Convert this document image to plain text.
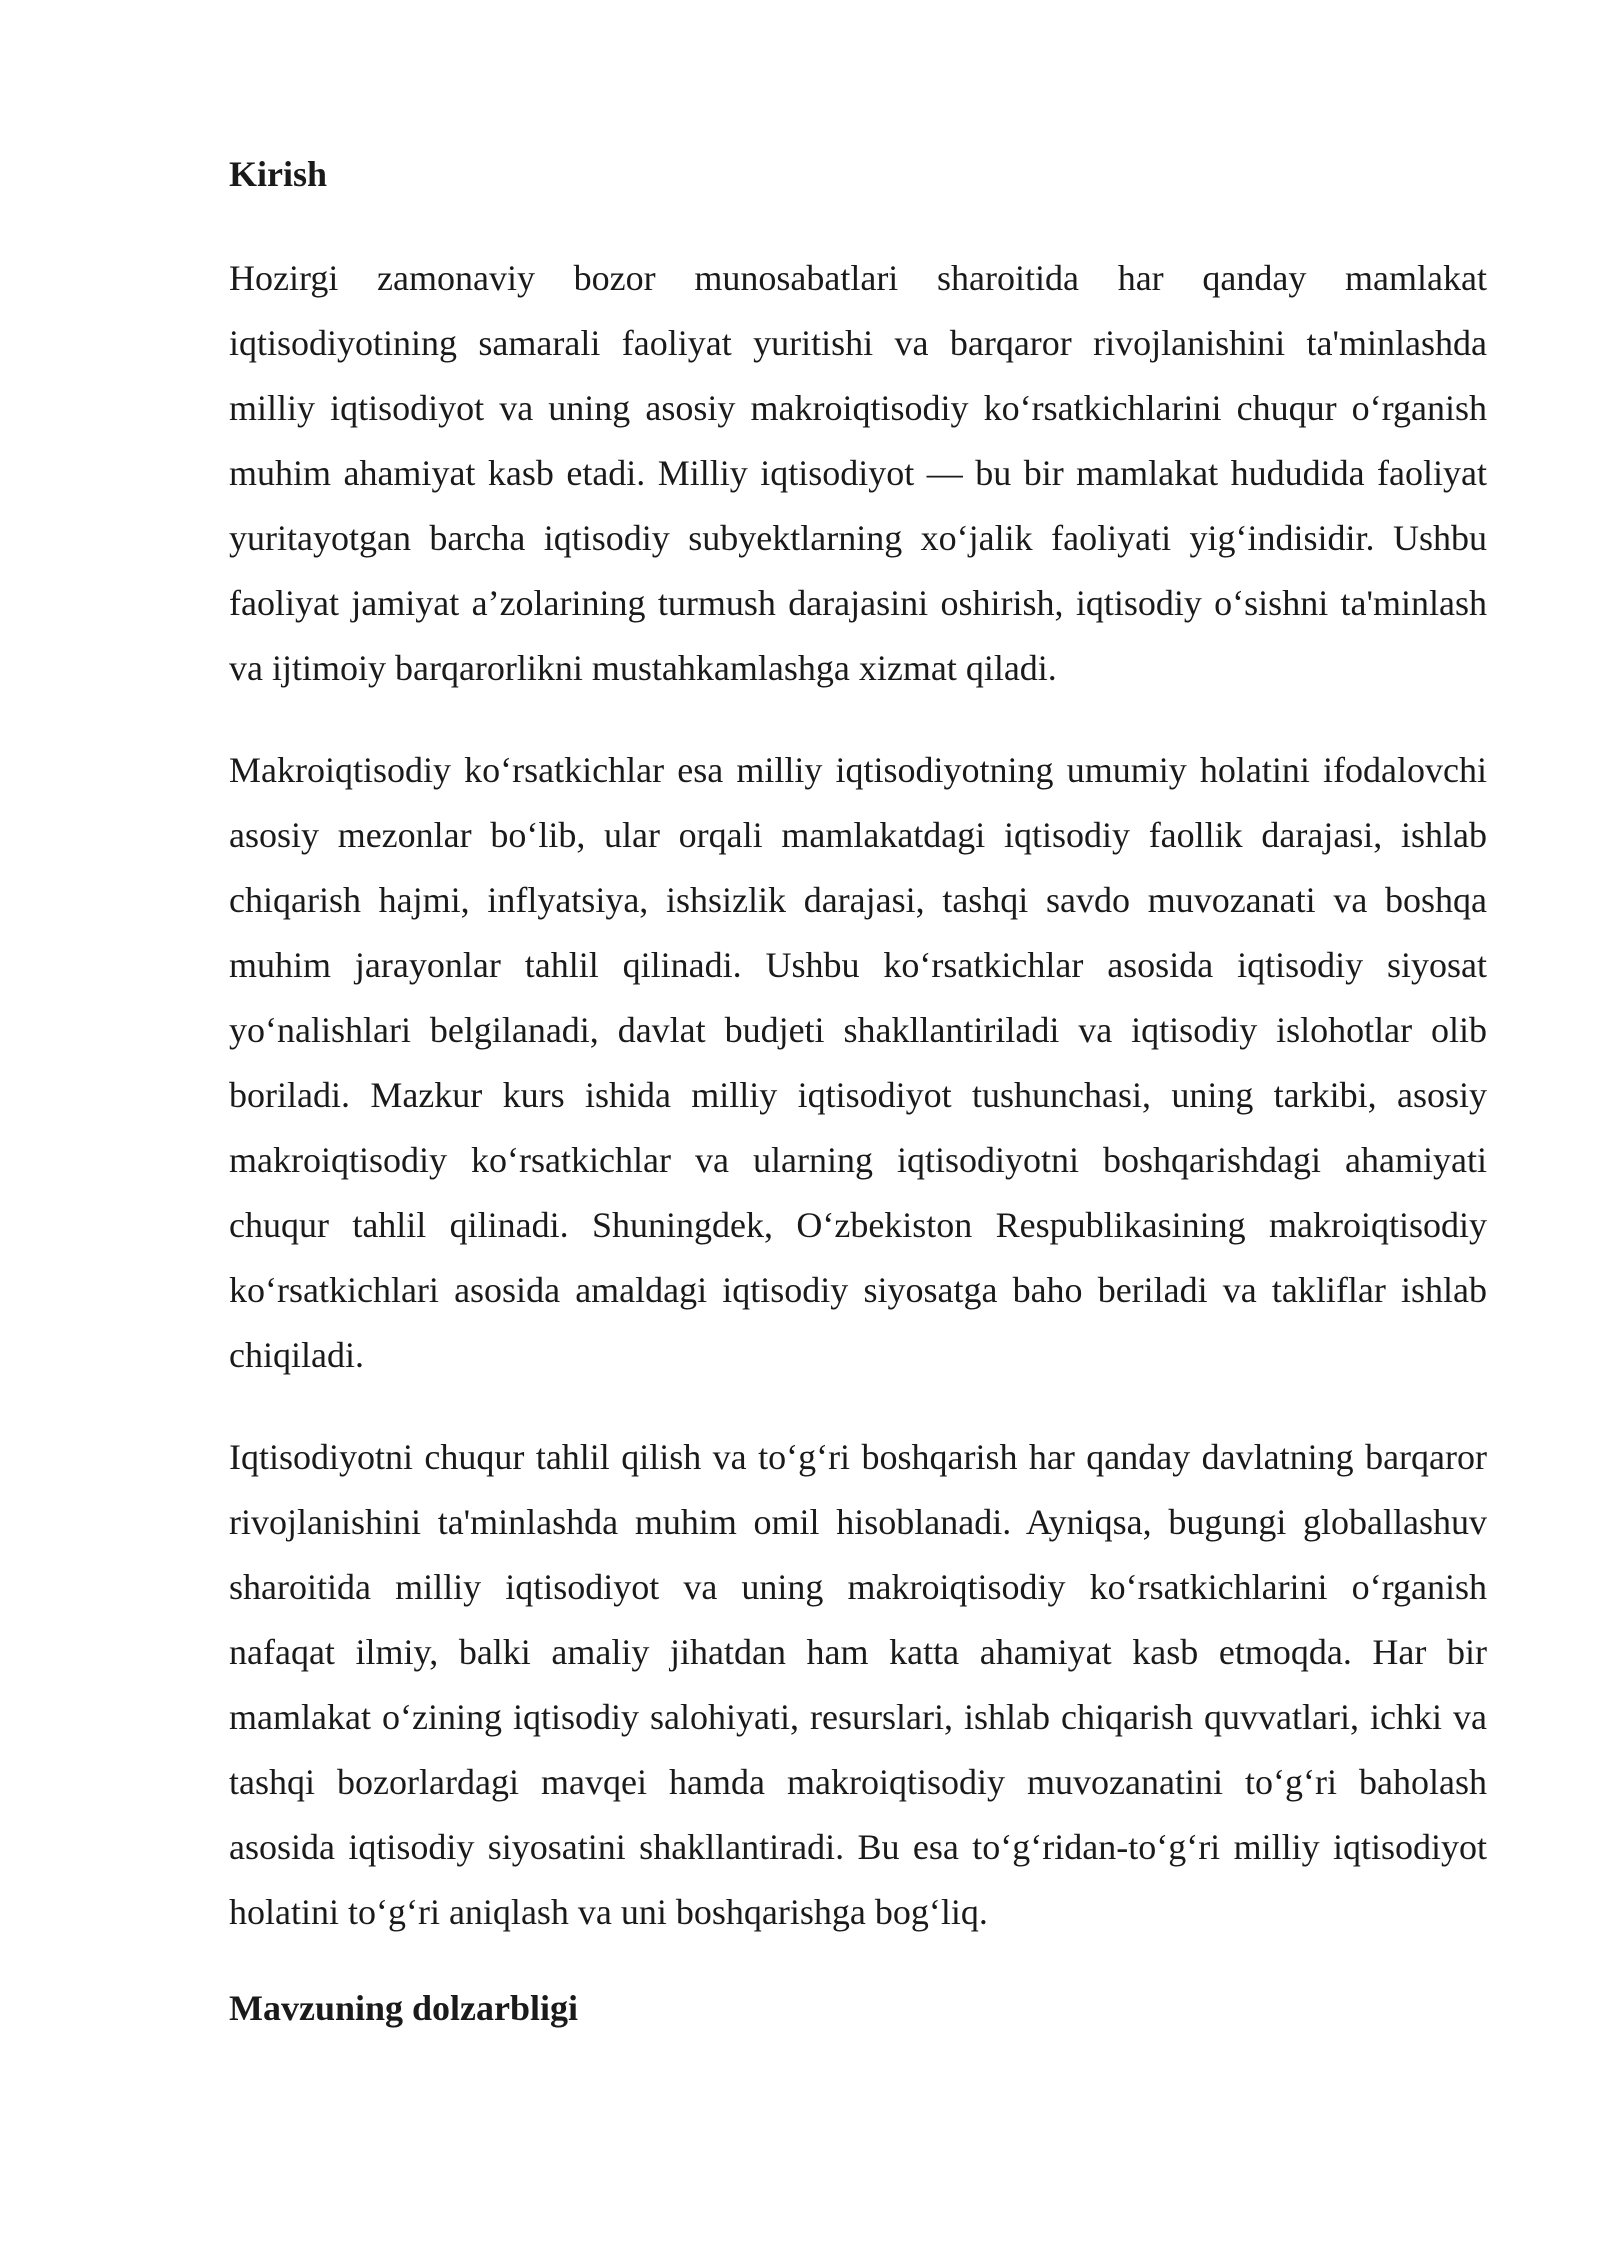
Kirish

Hozirgi zamonaviy bozor munosabatlari sharoitida har qanday mamlakat iqtisodiyotining samarali faoliyat yuritishi va barqaror rivojlanishini ta'minlashda milliy iqtisodiyot va uning asosiy makroiqtisodiy ko‘rsatkichlarini chuqur o‘rganish muhim ahamiyat kasb etadi. Milliy iqtisodiyot — bu bir mamlakat hududida faoliyat yuritayotgan barcha iqtisodiy subyektlarning xo‘jalik faoliyati yig‘indisidir. Ushbu faoliyat jamiyat a’zolarining turmush darajasini oshirish, iqtisodiy o‘sishni ta'minlash va ijtimoiy barqarorlikni mustahkamlashga xizmat qiladi.

Makroiqtisodiy ko‘rsatkichlar esa milliy iqtisodiyotning umumiy holatini ifodalovchi asosiy mezonlar bo‘lib, ular orqali mamlakatdagi iqtisodiy faollik darajasi, ishlab chiqarish hajmi, inflyatsiya, ishsizlik darajasi, tashqi savdo muvozanati va boshqa muhim jarayonlar tahlil qilinadi. Ushbu ko‘rsatkichlar asosida iqtisodiy siyosat yo‘nalishlari belgilanadi, davlat budjeti shakllantiriladi va iqtisodiy islohotlar olib boriladi. Mazkur kurs ishida milliy iqtisodiyot tushunchasi, uning tarkibi, asosiy makroiqtisodiy ko‘rsatkichlar va ularning iqtisodiyotni boshqarishdagi ahamiyati chuqur tahlil qilinadi. Shuningdek, O‘zbekiston Respublikasining makroiqtisodiy ko‘rsatkichlari asosida amaldagi iqtisodiy siyosatga baho beriladi va takliflar ishlab chiqiladi.

Iqtisodiyotni chuqur tahlil qilish va to‘g‘ri boshqarish har qanday davlatning barqaror rivojlanishini ta'minlashda muhim omil hisoblanadi. Ayniqsa, bugungi globallashuv sharoitida milliy iqtisodiyot va uning makroiqtisodiy ko‘rsatkichlarini o‘rganish nafaqat ilmiy, balki amaliy jihatdan ham katta ahamiyat kasb etmoqda. Har bir mamlakat o‘zining iqtisodiy salohiyati, resurslari, ishlab chiqarish quvvatlari, ichki va tashqi bozorlardagi mavqei hamda makroiqtisodiy muvozanatini to‘g‘ri baholash asosida iqtisodiy siyosatini shakllantiradi. Bu esa to‘g‘ridan-to‘g‘ri milliy iqtisodiyot holatini to‘g‘ri aniqlash va uni boshqarishga bog‘liq.

Mavzuning dolzarbligi
